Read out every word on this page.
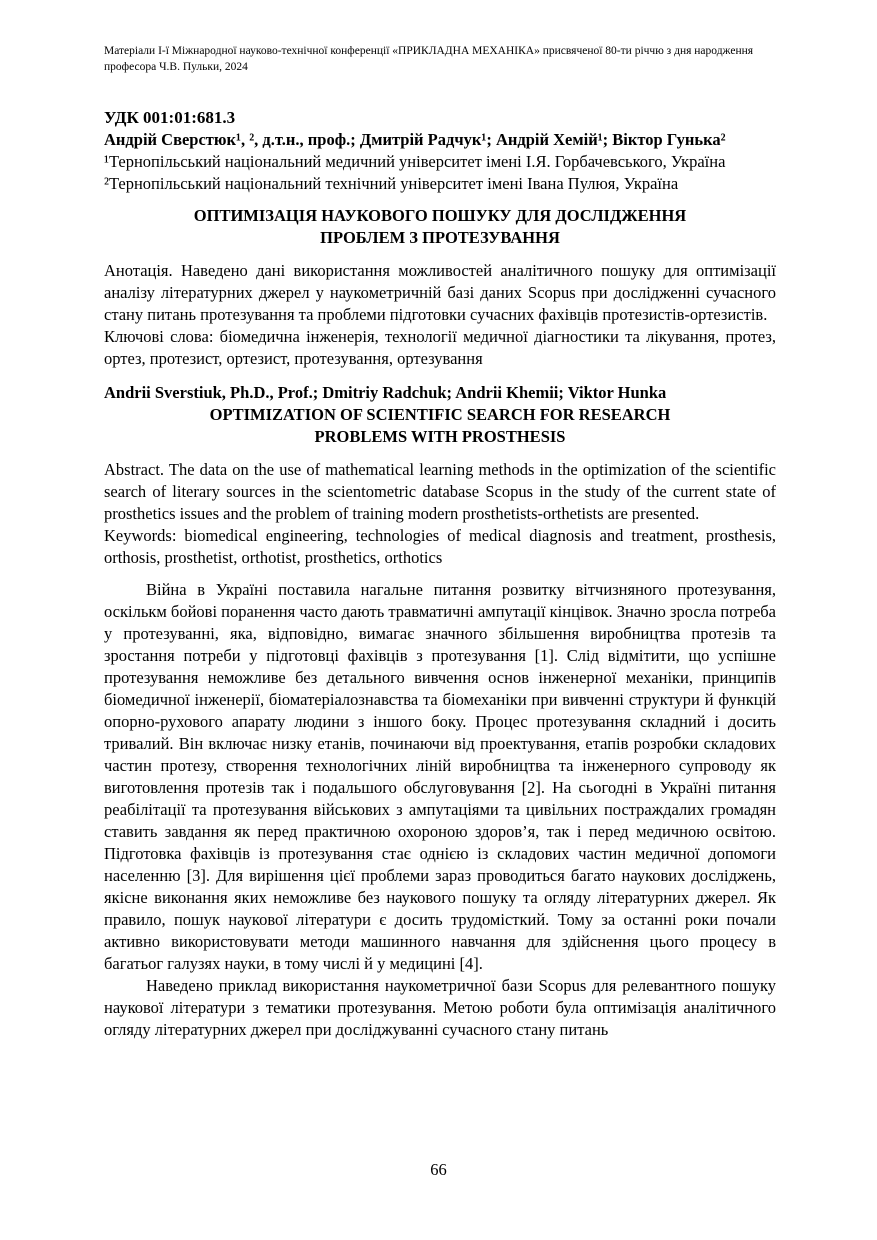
Матеріали І-ї Міжнародної науково-технічної конференції «ПРИКЛАДНА МЕХАНІКА» присвяченої 80-ти річчю з дня народження професора Ч.В. Пульки, 2024
УДК 001:01:681.3
Андрій Сверстюк¹, ², д.т.н., проф.; Дмитрій Радчук¹; Андрій Хемій¹; Віктор Гунька²
¹Тернопільський національний медичний університет імені І.Я. Горбачевського, Україна
²Тернопільський національний технічний університет імені Івана Пулюя, Україна
ОПТИМІЗАЦІЯ НАУКОВОГО ПОШУКУ ДЛЯ ДОСЛІДЖЕННЯ
ПРОБЛЕМ З ПРОТЕЗУВАННЯ
Анотація. Наведено дані використання можливостей аналітичного пошуку для оптимізації аналізу літературних джерел у наукометричній базі даних Scopus при дослідженні сучасного стану питань протезування та проблеми підготовки сучасних фахівців протезистів-ортезистів.
Ключові слова: біомедична інженерія, технології медичної діагностики та лікування, протез, ортез, протезист, ортезист, протезування, ортезування
Andrii Sverstiuk, Ph.D., Prof.; Dmitriy Radchuk; Andrii Khemii; Viktor Hunka
OPTIMIZATION OF SCIENTIFIC SEARCH FOR RESEARCH
PROBLEMS WITH PROSTHESIS
Abstract. The data on the use of mathematical learning methods in the optimization of the scientific search of literary sources in the scientometric database Scopus in the study of the current state of prosthetics issues and the problem of training modern prosthetists-orthetists are presented.
Keywords: biomedical engineering, technologies of medical diagnosis and treatment, prosthesis, orthosis, prosthetist, orthotist, prosthetics, orthotics

Війна в Україні поставила нагальне питання розвитку вітчизняного протезування, оскількм бойові поранення часто дають травматичні ампутації кінцівок. Значно зросла потреба у протезуванні, яка, відповідно, вимагає значного збільшення виробництва протезів та зростання потреби у підготовці фахівців з протезування [1]. Слід відмітити, що успішне протезування неможливе без детального вивчення основ інженерної механіки, принципів біомедичної інженерії, біоматеріалознавства та біомеханіки при вивченні структури й функцій опорно-рухового апарату людини з іншого боку. Процес протезування складний і досить тривалий. Він включає низку етанів, починаючи від проектування, етапів розробки складових частин протезу, створення технологічних ліній виробництва та інженерного супроводу як виготовлення протезів так і подальшого обслуговування [2]. На сьогодні в Україні питання реабілітації та протезування військових з ампутаціями та цивільних постраждалих громадян ставить завдання як перед практичною охороною здоров’я, так і перед медичною освітою. Підготовка фахівців із протезування стає однією із складових частин медичної допомоги населенню [3]. Для вирішення цієї проблеми зараз проводиться багато наукових досліджень, якісне виконання яких неможливе без наукового пошуку та огляду літературних джерел. Як правило, пошук наукової літератури є досить трудомісткий. Тому за останні роки почали активно використовувати методи машинного навчання для здійснення цього процесу в багатьог галузях науки, в тому числі й у медицині [4].

Наведено приклад використання наукометричної бази Scopus для релевантного пошуку наукової літератури з тематики протезування. Метою роботи була оптимізація аналітичного огляду літературних джерел при досліджуванні сучасного стану питань

66
